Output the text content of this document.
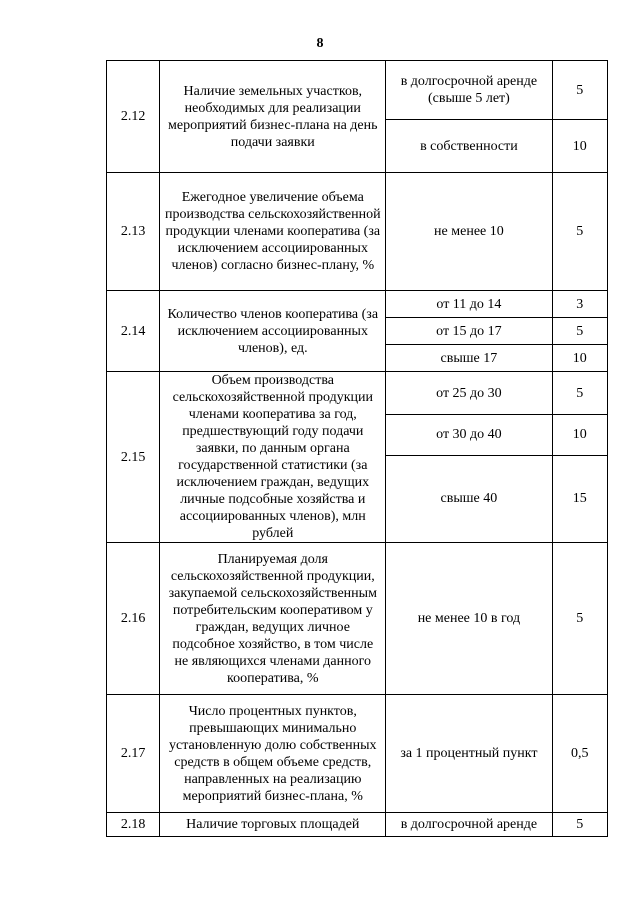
8
2.12	Наличие земельных участков, необходимых для реализации мероприятий бизнес-плана на день подачи заявки	в долгосрочной аренде (свыше 5 лет)	5
		в собственности	10
2.13	Ежегодное увеличение объема производства сельскохозяйственной продукции членами кооператива (за исключением ассоциированных членов) согласно бизнес-плану, %	не менее 10	5
2.14	Количество членов кооператива (за исключением ассоциированных членов), ед.	от 11 до 14	3
		от 15 до 17	5
		свыше 17	10
2.15	Объем производства сельскохозяйственной продукции членами кооператива за год, предшествующий году подачи заявки, по данным органа государственной статистики (за исключением граждан, ведущих личные подсобные хозяйства и ассоциированных членов), млн рублей	от 25 до 30	5
		от 30 до 40	10
		свыше 40	15
2.16	Планируемая доля сельскохозяйственной продукции, закупаемой сельскохозяйственным потребительским кооперативом у граждан, ведущих личное подсобное хозяйство, в том числе не являющихся членами данного кооператива, %	не менее 10 в год	5
2.17	Число процентных пунктов, превышающих минимально установленную долю собственных средств в общем объеме средств, направленных на реализацию мероприятий бизнес-плана, %	за 1 процентный пункт	0,5
2.18	Наличие торговых площадей	в долгосрочной аренде	5
